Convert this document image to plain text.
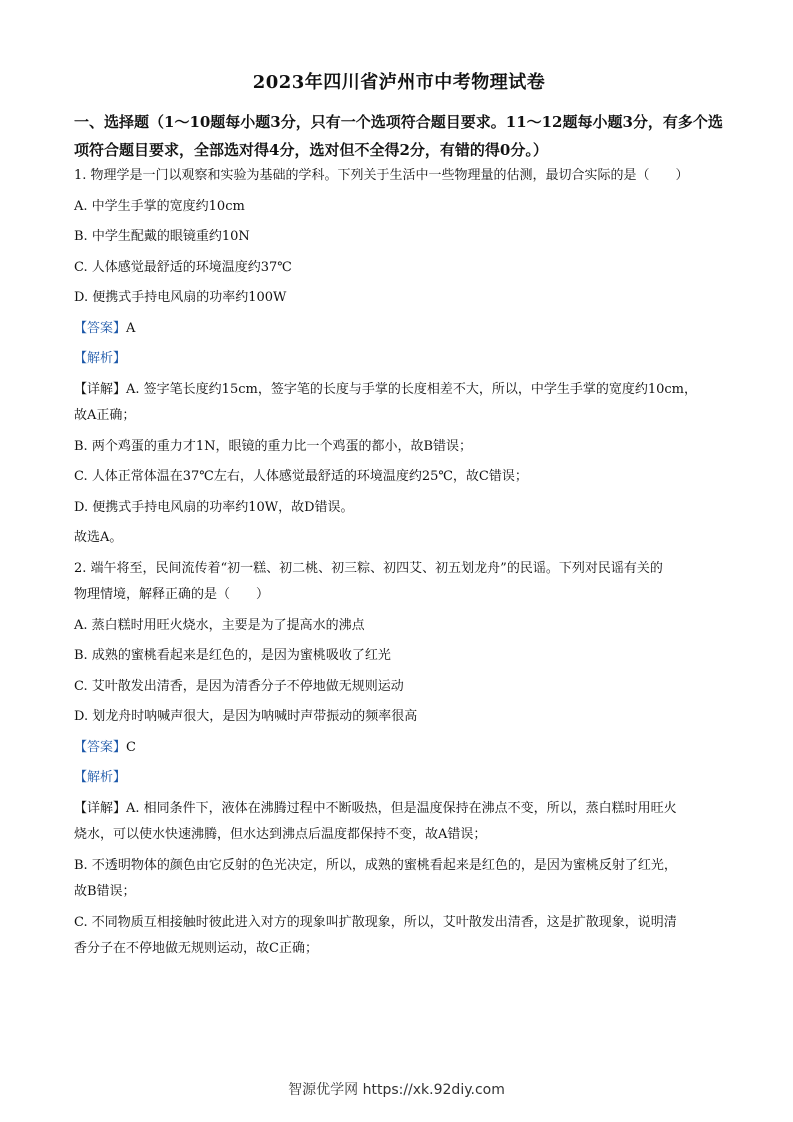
2023年四川省泸州市中考物理试卷
一、选择题（1～10题每小题3分，只有一个选项符合题目要求。11～12题每小题3分，有多个选项符合题目要求，全部选对得4分，选对但不全得2分，有错的得0分。）
1. 物理学是一门以观察和实验为基础的学科。下列关于生活中一些物理量的估测，最切合实际的是（　　）
A. 中学生手掌的宽度约10cm
B. 中学生配戴的眼镜重约10N
C. 人体感觉最舒适的环境温度约37℃
D. 便携式手持电风扇的功率约100W
【答案】A
【解析】
【详解】A. 签字笔长度约15cm，签字笔的长度与手掌的长度相差不大，所以，中学生手掌的宽度约10cm，
故A正确；
B. 两个鸡蛋的重力才1N，眼镜的重力比一个鸡蛋的都小，故B错误；
C. 人体正常体温在37℃左右，人体感觉最舒适的环境温度约25℃，故C错误；
D. 便携式手持电风扇的功率约10W，故D错误。
故选A。
2. 端午将至，民间流传着“初一糕、初二桃、初三粽、初四艾、初五划龙舟”的民谣。下列对民谣有关的
物理情境，解释正确的是（　　）
A. 蒸白糕时用旺火烧水，主要是为了提高水的沸点
B. 成熟的蜜桃看起来是红色的，是因为蜜桃吸收了红光
C. 艾叶散发出清香，是因为清香分子不停地做无规则运动
D. 划龙舟时呐喊声很大，是因为呐喊时声带振动的频率很高
【答案】C
【解析】
【详解】A. 相同条件下，液体在沸腾过程中不断吸热，但是温度保持在沸点不变，所以，蒸白糕时用旺火
烧水，可以使水快速沸腾，但水达到沸点后温度都保持不变，故A错误；
B. 不透明物体的颜色由它反射的色光决定，所以，成熟的蜜桃看起来是红色的，是因为蜜桃反射了红光，
故B错误；
C. 不同物质互相接触时彼此进入对方的现象叫扩散现象，所以，艾叶散发出清香，这是扩散现象，说明清
香分子在不停地做无规则运动，故C正确；
智源优学网 https://xk.92diy.com
